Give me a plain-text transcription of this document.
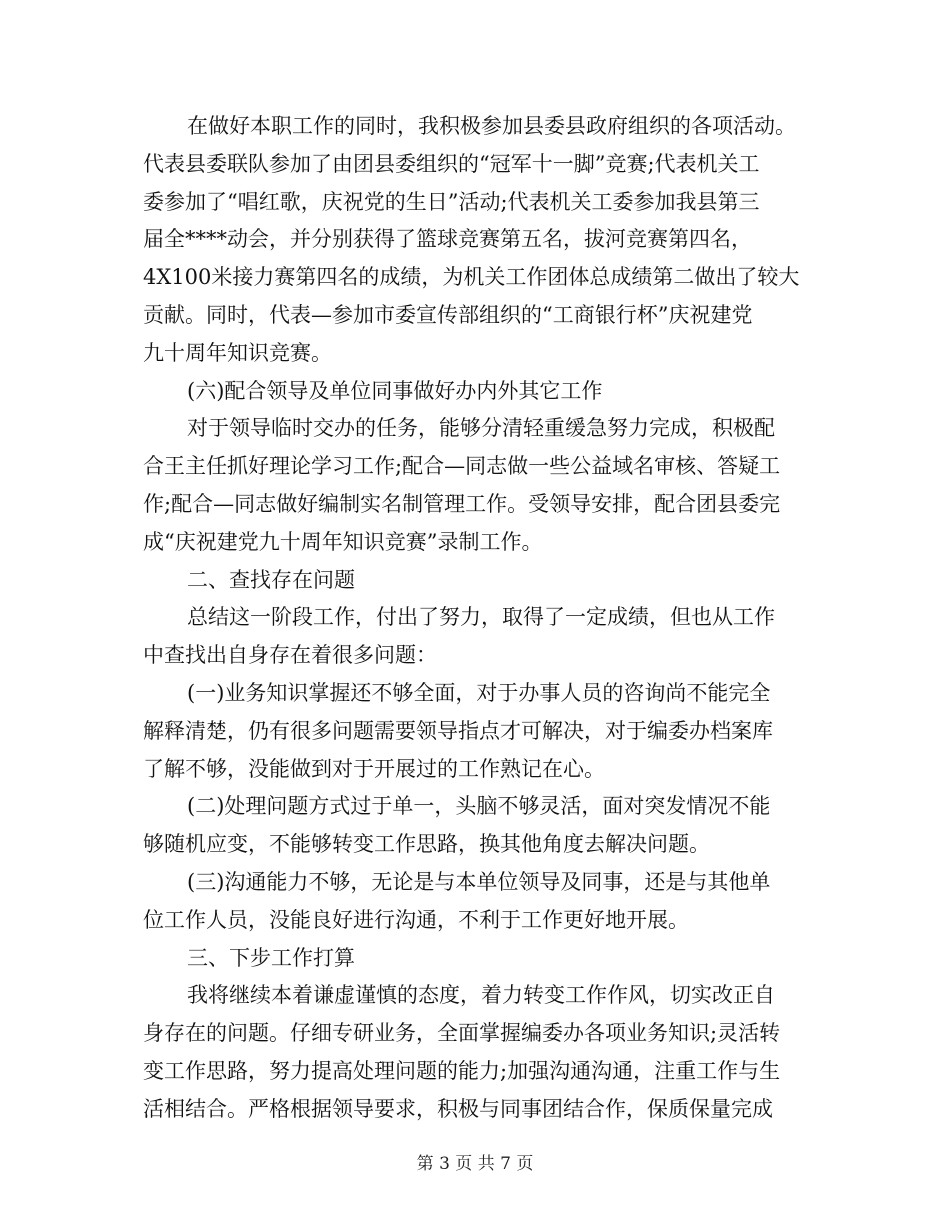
在做好本职工作的同时，我积极参加县委县政府组织的各项活动。
代表县委联队参加了由团县委组织的“冠军十一脚”竞赛;代表机关工
委参加了“唱红歌，庆祝党的生日”活动;代表机关工委参加我县第三
届全****动会，并分别获得了篮球竞赛第五名，拔河竞赛第四名，
4X100米接力赛第四名的成绩，为机关工作团体总成绩第二做出了较大
贡献。同时，代表—参加市委宣传部组织的“工商银行杯”庆祝建党
九十周年知识竞赛。
(六)配合领导及单位同事做好办内外其它工作
对于领导临时交办的任务，能够分清轻重缓急努力完成，积极配
合王主任抓好理论学习工作;配合—同志做一些公益域名审核、答疑工
作;配合—同志做好编制实名制管理工作。受领导安排，配合团县委完
成“庆祝建党九十周年知识竞赛”录制工作。
二、查找存在问题
总结这一阶段工作，付出了努力，取得了一定成绩，但也从工作
中查找出自身存在着很多问题：
(一)业务知识掌握还不够全面，对于办事人员的咨询尚不能完全
解释清楚，仍有很多问题需要领导指点才可解决，对于编委办档案库
了解不够，没能做到对于开展过的工作熟记在心。
(二)处理问题方式过于单一，头脑不够灵活，面对突发情况不能
够随机应变，不能够转变工作思路，换其他角度去解决问题。
(三)沟通能力不够，无论是与本单位领导及同事，还是与其他单
位工作人员，没能良好进行沟通，不利于工作更好地开展。
三、下步工作打算
我将继续本着谦虚谨慎的态度，着力转变工作作风，切实改正自
身存在的问题。仔细专研业务，全面掌握编委办各项业务知识;灵活转
变工作思路，努力提高处理问题的能力;加强沟通沟通，注重工作与生
活相结合。严格根据领导要求，积极与同事团结合作，保质保量完成
第 3 页 共 7 页
